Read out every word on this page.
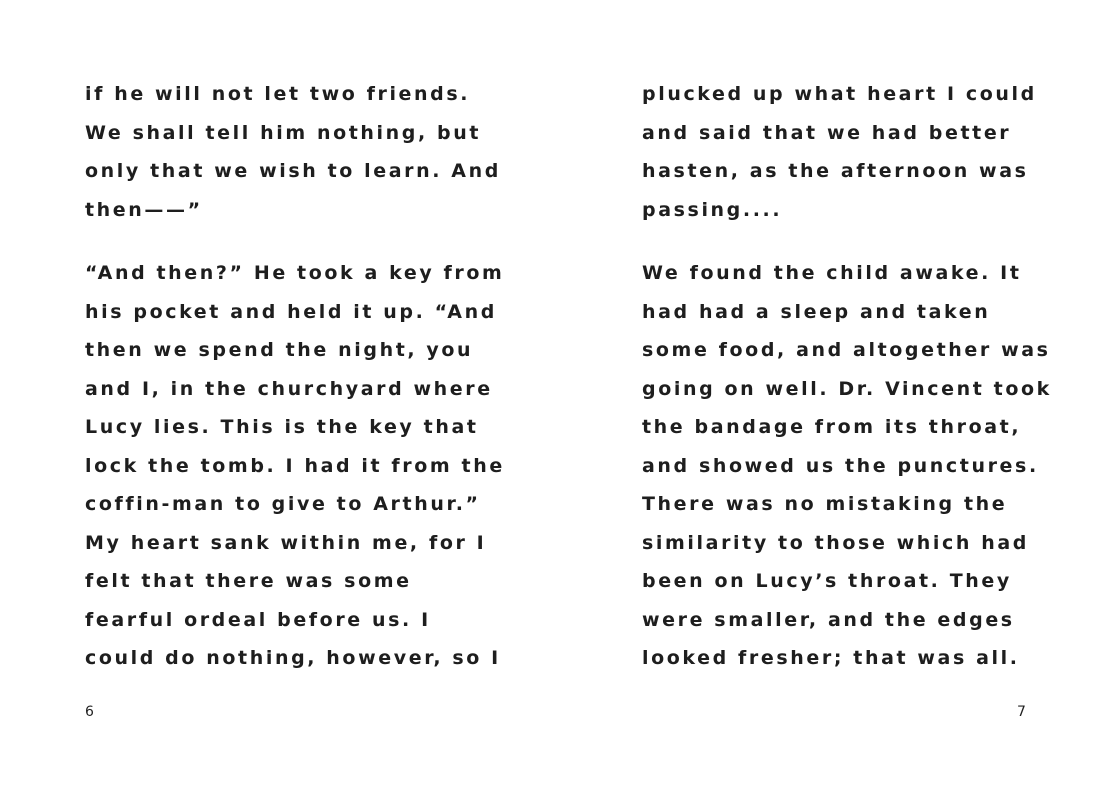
if he will not let two friends.
We shall tell him nothing, but
only that we wish to learn. And
then——”

“And then?” He took a key from
his pocket and held it up. “And
then we spend the night, you
and I, in the churchyard where
Lucy lies. This is the key that
lock the tomb. I had it from the
coffin-man to give to Arthur.”
My heart sank within me, for I
felt that there was some
fearful ordeal before us. I
could do nothing, however, so I

plucked up what heart I could
and said that we had better
hasten, as the afternoon was
passing....

We found the child awake. It
had had a sleep and taken
some food, and altogether was
going on well. Dr. Vincent took
the bandage from its throat,
and showed us the punctures.
There was no mistaking the
similarity to those which had
been on Lucy’s throat. They
were smaller, and the edges
looked fresher; that was all.

6	7
